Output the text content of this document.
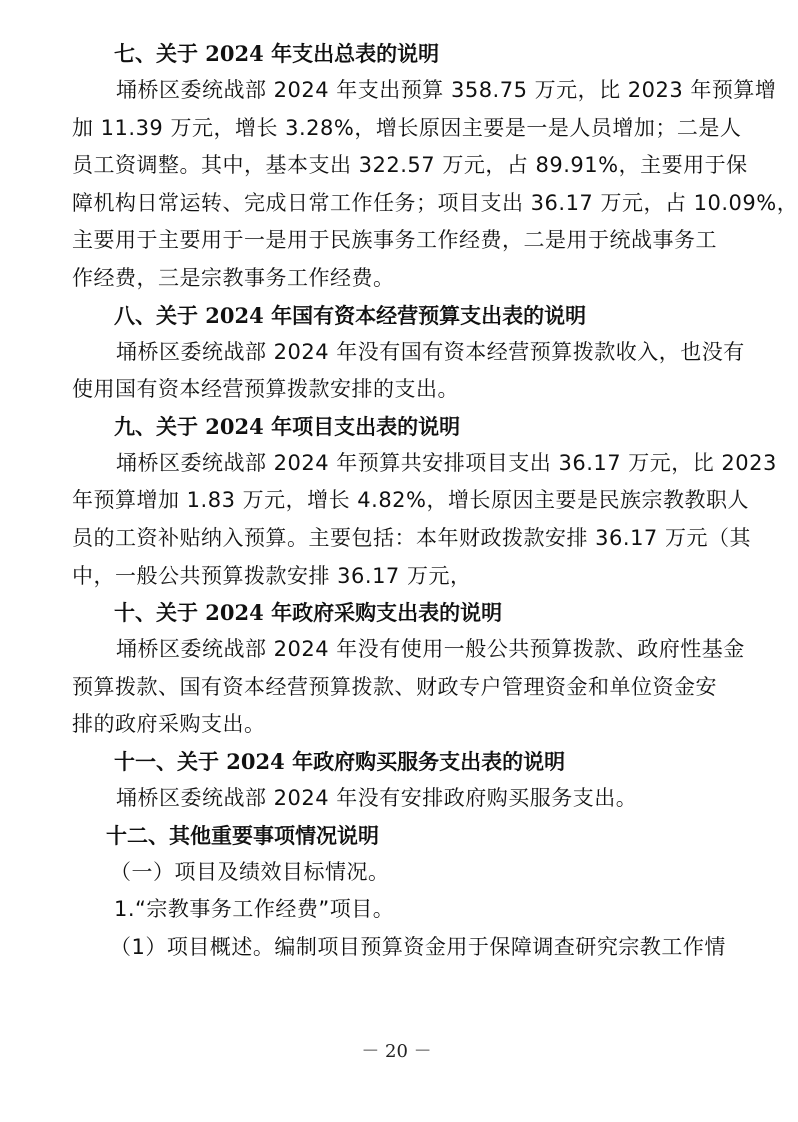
七、关于 2024 年支出总表的说明

埇桥区委统战部 2024 年支出预算 358.75 万元，比 2023 年预算增
加 11.39 万元，增长 3.28%，增长原因主要是一是人员增加；二是人
员工资调整。其中，基本支出 322.57 万元，占 89.91%，主要用于保
障机构日常运转、完成日常工作任务；项目支出 36.17 万元，占 10.09%，
主要用于主要用于一是用于民族事务工作经费，二是用于统战事务工
作经费，三是宗教事务工作经费。

八、关于 2024 年国有资本经营预算支出表的说明

埇桥区委统战部 2024 年没有国有资本经营预算拨款收入，也没有
使用国有资本经营预算拨款安排的支出。

九、关于 2024 年项目支出表的说明

埇桥区委统战部 2024 年预算共安排项目支出 36.17 万元，比 2023
年预算增加 1.83 万元，增长 4.82%，增长原因主要是民族宗教教职人
员的工资补贴纳入预算。主要包括：本年财政拨款安排 36.17 万元（其
中，一般公共预算拨款安排 36.17 万元，

十、关于 2024 年政府采购支出表的说明

埇桥区委统战部 2024 年没有使用一般公共预算拨款、政府性基金
预算拨款、国有资本经营预算拨款、财政专户管理资金和单位资金安
排的政府采购支出。

十一、关于 2024 年政府购买服务支出表的说明

埇桥区委统战部 2024 年没有安排政府购买服务支出。

十二、其他重要事项情况说明

（一）项目及绩效目标情况。
1.“宗教事务工作经费”项目。
（1）项目概述。编制项目预算资金用于保障调查研究宗教工作情

－ 20 －
